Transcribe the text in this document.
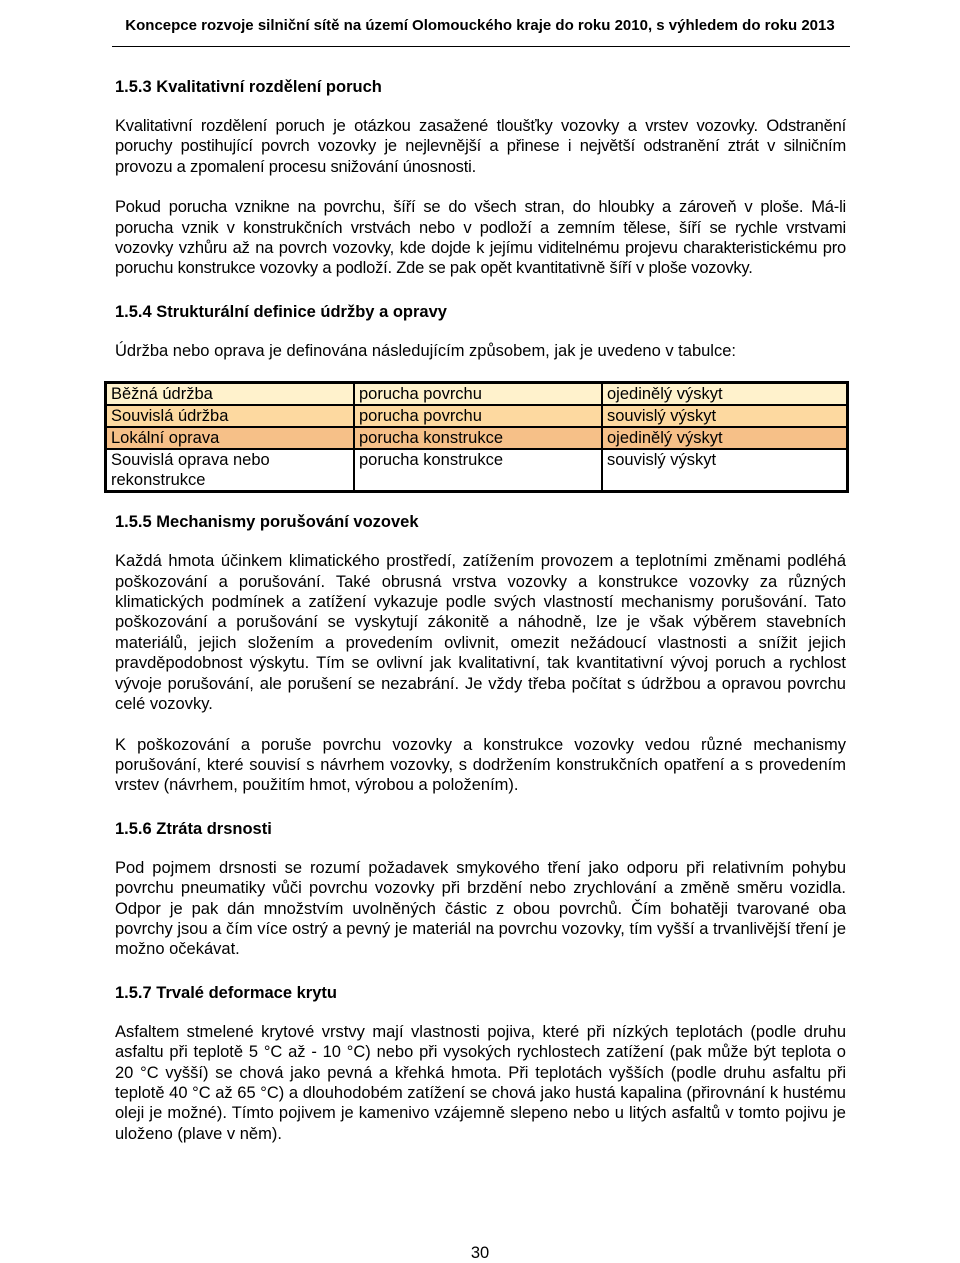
Koncepce rozvoje silniční sítě na území Olomouckého kraje do roku 2010, s výhledem do roku 2013
1.5.3 Kvalitativní rozdělení poruch

Kvalitativní rozdělení poruch je otázkou zasažené tloušťky vozovky a vrstev vozovky. Odstranění poruchy postihující povrch vozovky je nejlevnější a přinese i největší odstranění ztrát v silničním provozu a zpomalení procesu snižování únosnosti.

Pokud porucha vznikne na povrchu, šíří se do všech stran, do hloubky a zároveň v ploše. Má-li porucha vznik v konstrukčních vrstvách nebo v podloží a zemním tělese, šíří se rychle vrstvami vozovky vzhůru až na povrch vozovky, kde dojde k jejímu viditelnému projevu charakteristickému pro poruchu konstrukce vozovky a podloží. Zde se pak opět kvantitativně šíří v ploše vozovky.

1.5.4 Strukturální definice údržby a opravy

Údržba nebo oprava je definována následujícím způsobem, jak je uvedeno v tabulce:

Běžná údržba	porucha povrchu	ojedinělý výskyt
Souvislá údržba	porucha povrchu	souvislý výskyt
Lokální oprava	porucha konstrukce	ojedinělý výskyt
Souvislá oprava nebo rekonstrukce	porucha konstrukce	souvislý výskyt
1.5.5 Mechanismy porušování vozovek

Každá hmota účinkem klimatického prostředí, zatížením provozem a teplotními změnami podléhá poškozování a porušování. Také obrusná vrstva vozovky a konstrukce vozovky za různých klimatických podmínek a zatížení vykazuje podle svých vlastností mechanismy porušování. Tato poškozování a porušování se vyskytují zákonitě a náhodně, lze je však výběrem stavebních materiálů, jejich složením a provedením ovlivnit, omezit nežádoucí vlastnosti a snížit jejich pravděpodobnost výskytu. Tím se ovlivní jak kvalitativní, tak kvantitativní vývoj poruch a rychlost vývoje porušování, ale porušení se nezabrání. Je vždy třeba počítat s údržbou a opravou povrchu celé vozovky.

K poškozování a poruše povrchu vozovky a konstrukce vozovky vedou různé mechanismy porušování, které souvisí s návrhem vozovky, s dodržením konstrukčních opatření a s provedením vrstev (návrhem, použitím hmot, výrobou a položením).

1.5.6 Ztráta drsnosti

Pod pojmem drsnosti se rozumí požadavek smykového tření jako odporu při relativním pohybu povrchu pneumatiky vůči povrchu vozovky při brzdění nebo zrychlování a změně směru vozidla. Odpor je pak dán množstvím uvolněných částic z obou povrchů. Čím bohatěji tvarované oba povrchy jsou a čím více ostrý a pevný je materiál na povrchu vozovky, tím vyšší a trvanlivější tření je možno očekávat.

1.5.7 Trvalé deformace krytu

Asfaltem stmelené krytové vrstvy mají vlastnosti pojiva, které při nízkých teplotách (podle druhu asfaltu při teplotě 5 °C až - 10 °C) nebo při vysokých rychlostech zatížení (pak může být teplota o 20 °C vyšší) se chová jako pevná a křehká hmota. Při teplotách vyšších (podle druhu asfaltu při teplotě 40 °C až 65 °C) a dlouhodobém zatížení se chová jako hustá kapalina (přirovnání k hustému oleji je možné). Tímto pojivem je kamenivo vzájemně slepeno nebo u litých asfaltů v tomto pojivu je uloženo (plave v něm).

30
